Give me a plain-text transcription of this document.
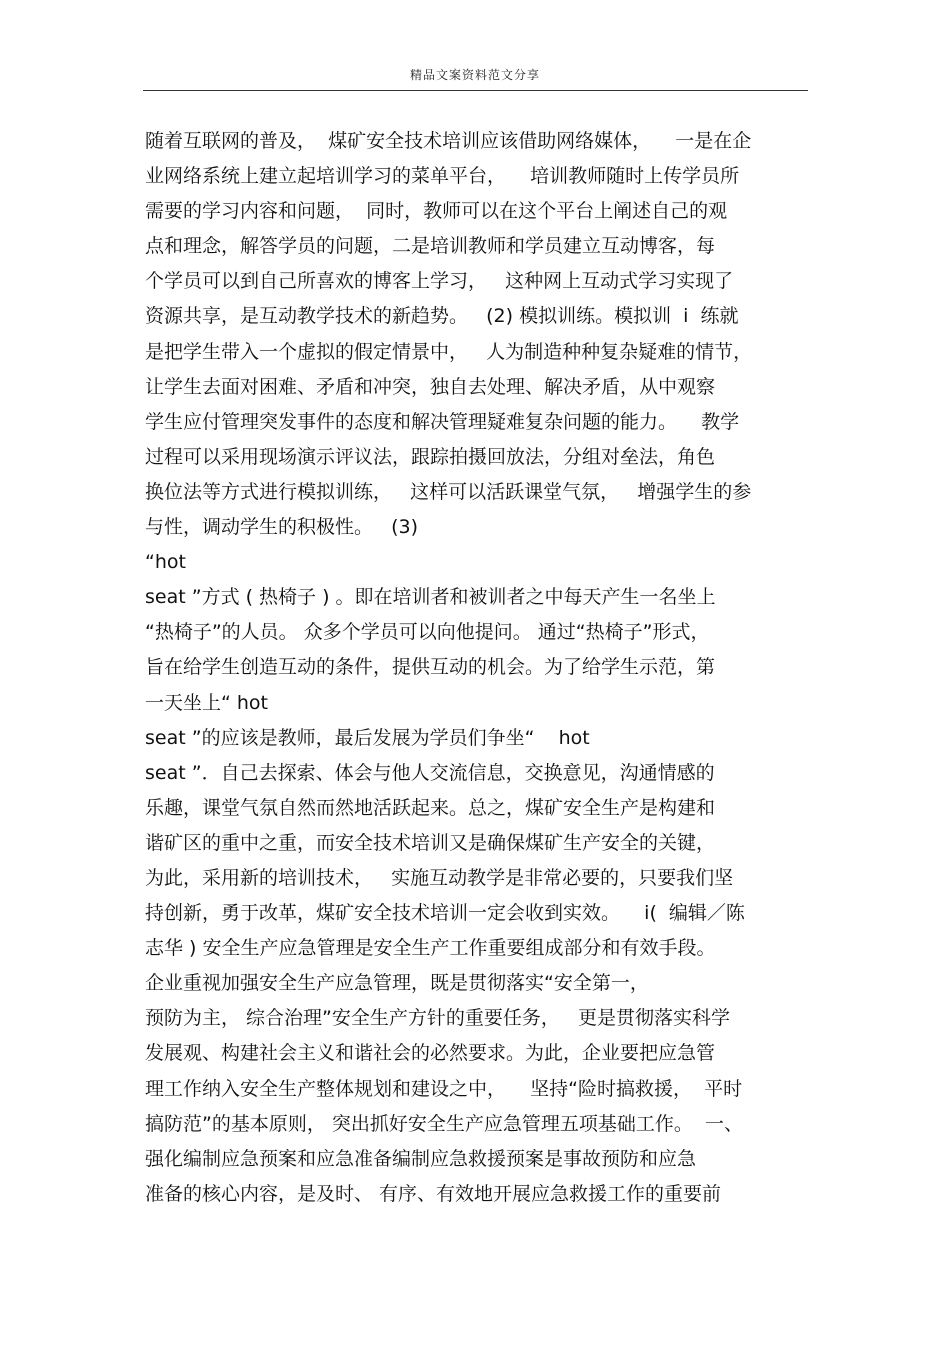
精品文案资料范文分享
随着互联网的普及，  煤矿安全技术培训应该借助网络媒体，    一是在企
业网络系统上建立起培训学习的菜单平台，    培训教师随时上传学员所
需要的学习内容和问题，  同时，教师可以在这个平台上阐述自己的观
点和理念，解答学员的问题，二是培训教师和学员建立互动博客，每
个学员可以到自己所喜欢的博客上学习，   这种网上互动式学习实现了
资源共享，是互动教学技术的新趋势。   (2) 模拟训练。模拟训  i  练就
是把学生带入一个虚拟的假定情景中，   人为制造种种复杂疑难的情节，
让学生去面对困难、矛盾和冲突，独自去处理、解决矛盾，从中观察
学生应付管理突发事件的态度和解决管理疑难复杂问题的能力。    教学
过程可以采用现场演示评议法，跟踪拍摄回放法，分组对垒法，角色
换位法等方式进行模拟训练，   这样可以活跃课堂气氛，   增强学生的参
与性，调动学生的积极性。   (3)
“hot
seat ”方式 ( 热椅子 ) 。即在培训者和被训者之中每天产生一名坐上
“热椅子”的人员。 众多个学员可以向他提问。 通过“热椅子”形式，
旨在给学生创造互动的条件，提供互动的机会。为了给学生示范，第
一天坐上“ hot
seat ”的应该是教师，最后发展为学员们争坐“    hot
seat ”．自己去探索、体会与他人交流信息，交换意见，沟通情感的
乐趣，课堂气氛自然而然地活跃起来。总之，煤矿安全生产是构建和
谐矿区的重中之重，而安全技术培训又是确保煤矿生产安全的关键，
为此，采用新的培训技术，   实施互动教学是非常必要的，只要我们坚
持创新，勇于改革，煤矿安全技术培训一定会收到实效。    i(  编辑／陈
志华 ) 安全生产应急管理是安全生产工作重要组成部分和有效手段。
企业重视加强安全生产应急管理，既是贯彻落实“安全第一，
预防为主， 综合治理”安全生产方针的重要任务，   更是贯彻落实科学
发展观、构建社会主义和谐社会的必然要求。为此，企业要把应急管
理工作纳入安全生产整体规划和建设之中，    坚持“险时搞救援，  平时
搞防范”的基本原则， 突出抓好安全生产应急管理五项基础工作。  一、
强化编制应急预案和应急准备编制应急救援预案是事故预防和应急
准备的核心内容，是及时、 有序、有效地开展应急救援工作的重要前
